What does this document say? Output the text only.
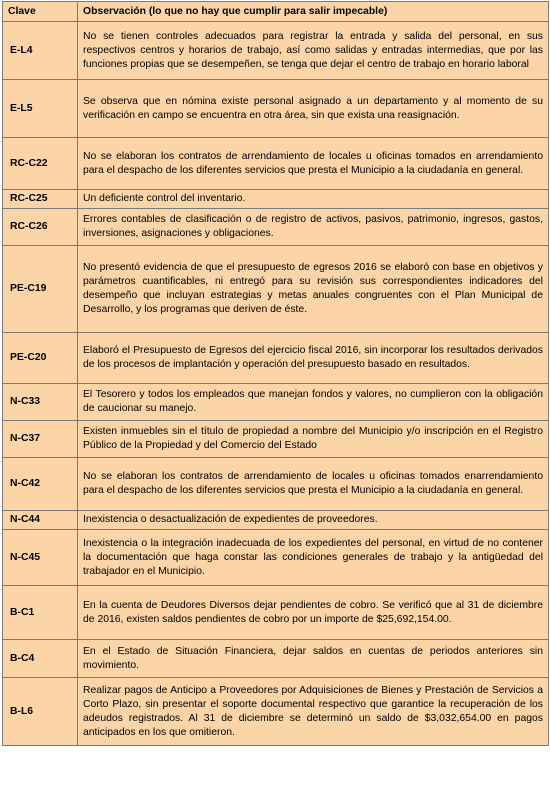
Clave	Observación (lo que no hay que cumplir para salir impecable)
E-L4	No se tienen controles adecuados para registrar la entrada y salida del personal, en sus respectivos centros y horarios de trabajo, así como salidas y entradas intermedias, que por las funciones propias que se desempeñen, se tenga que dejar el centro de trabajo en horario laboral
E-L5	Se observa que en nómina existe personal asignado a un departamento y al momento de su verificación en campo se encuentra en otra área, sin que exista una reasignación.
RC-C22	No se elaboran los contratos de arrendamiento de locales u oficinas tomados en arrendamiento para el despacho de los diferentes servicios que presta el Municipio a la ciudadanía en general.
RC-C25	Un deficiente control del inventario.
RC-C26	Errores contables de clasificación o de registro de activos, pasivos, patrimonio, ingresos, gastos, inversiones, asignaciones y obligaciones.
PE-C19	No presentó evidencia de que el presupuesto de egresos 2016 se elaboró con base en objetivos y parámetros cuantificables, ni entregó para su revisión sus correspondientes indicadores del desempeño que incluyan estrategias y metas anuales congruentes con el Plan Municipal de Desarrollo, y los programas que deriven de éste.
PE-C20	Elaboró el Presupuesto de Egresos del ejercicio fiscal 2016, sin incorporar los resultados derivados de los procesos de implantación y operación del presupuesto basado en resultados.
N-C33	El Tesorero y todos los empleados que manejan fondos y valores, no cumplieron con la obligación de caucionar su manejo.
N-C37	Existen inmuebles sin el título de propiedad a nombre del Municipio y/o inscripción en el Registro Público de la Propiedad y del Comercio del Estado
N-C42	No se elaboran los contratos de arrendamiento de locales u oficinas tomados enarrendamiento para el despacho de los diferentes servicios que presta el Municipio a la ciudadanía en general.
N-C44	Inexistencia o desactualización de expedientes de proveedores.
N-C45	Inexistencia o la integración inadecuada de los expedientes del personal, en virtud de no contener la documentación que haga constar las condiciones generales de trabajo y la antigüedad del trabajador en el Municipio.
B-C1	En la cuenta de Deudores Diversos dejar pendientes de cobro. Se verificó que al 31 de diciembre de 2016, existen saldos pendientes de cobro por un importe de $25,692,154.00.
B-C4	En el Estado de Situación Financiera, dejar saldos en cuentas de periodos anteriores sin movimiento.
B-L6	Realizar pagos de Anticipo a Proveedores por Adquisiciones de Bienes y Prestación de Servicios a Corto Plazo, sin presentar el soporte documental respectivo que garantice la recuperación de los adeudos registrados. Al 31 de diciembre se determinó un saldo de $3,032,654.00 en pagos anticipados en los que omitieron.
